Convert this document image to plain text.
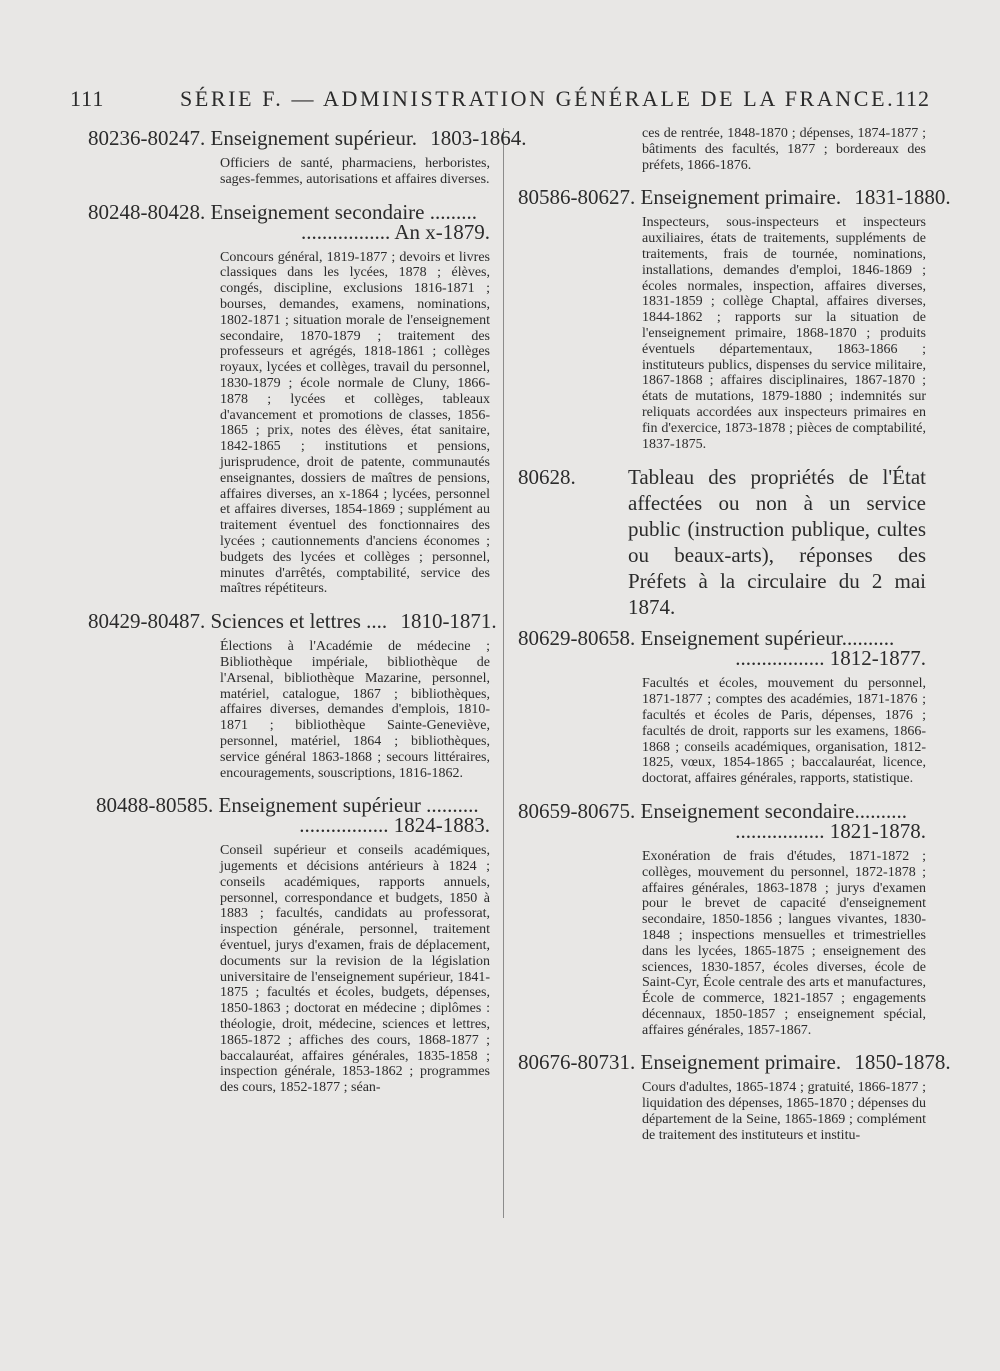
111	SÉRIE F. — ADMINISTRATION GÉNÉRALE DE LA FRANCE. 112

80236-80247. Enseignement supérieur. 1803-1864.

Officiers de santé, pharmaciens, herboristes, sages-femmes, autorisations et affaires diverses.

80248-80428. Enseignement secondaire .........

................. An x-1879.

Concours général, 1819-1877 ; devoirs et livres classiques dans les lycées, 1878 ; élèves, congés, discipline, exclusions 1816-1871 ; bourses, demandes, examens, nominations, 1802-1871 ; situation morale de l'enseignement secondaire, 1870-1879 ; traitement des professeurs et agrégés, 1818-1861 ; collèges royaux, lycées et collèges, travail du personnel, 1830-1879 ; école normale de Cluny, 1866-1878 ; lycées et collèges, tableaux d'avancement et promotions de classes, 1856-1865 ; prix, notes des élèves, état sanitaire, 1842-1865 ; institutions et pensions, jurisprudence, droit de patente, communautés enseignantes, dossiers de maîtres de pensions, affaires diverses, an x-1864 ; lycées, personnel et affaires diverses, 1854-1869 ; supplément au traitement éventuel des fonctionnaires des lycées ; cautionnements d'anciens économes ; budgets des lycées et collèges ; personnel, minutes d'arrêtés, comptabilité, service des maîtres répétiteurs.

80429-80487. Sciences et lettres .... 1810-1871.

Élections à l'Académie de médecine ; Bibliothèque impériale, bibliothèque de l'Arsenal, bibliothèque Mazarine, personnel, matériel, catalogue, 1867 ; bibliothèques, affaires diverses, demandes d'emplois, 1810-1871 ; bibliothèque Sainte-Geneviève, personnel, matériel, 1864 ; bibliothèques, service général 1863-1868 ; secours littéraires, encouragements, souscriptions, 1816-1862.

80488-80585. Enseignement supérieur ..........

................. 1824-1883.

Conseil supérieur et conseils académiques, jugements et décisions antérieurs à 1824 ; conseils académiques, rapports annuels, personnel, correspondance et budgets, 1850 à 1883 ; facultés, candidats au professorat, inspection générale, personnel, traitement éventuel, jurys d'examen, frais de déplacement, documents sur la revision de la législation universitaire de l'enseignement supérieur, 1841-1875 ; facultés et écoles, budgets, dépenses, 1850-1863 ; doctorat en médecine ; diplômes : théologie, droit, médecine, sciences et lettres, 1865-1872 ; affiches des cours, 1868-1877 ; baccalauréat, affaires générales, 1835-1858 ; inspection générale, 1853-1862 ; programmes des cours, 1852-1877 ; séan-

ces de rentrée, 1848-1870 ; dépenses, 1874-1877 ; bâtiments des facultés, 1877 ; bordereaux des préfets, 1866-1876.

80586-80627. Enseignement primaire. 1831-1880.

Inspecteurs, sous-inspecteurs et inspecteurs auxiliaires, états de traitements, suppléments de traitements, frais de tournée, nominations, installations, demandes d'emploi, 1846-1869 ; écoles normales, inspection, affaires diverses, 1831-1859 ; collège Chaptal, affaires diverses, 1844-1862 ; rapports sur la situation de l'enseignement primaire, 1868-1870 ; produits éventuels départementaux, 1863-1866 ; instituteurs publics, dispenses du service militaire, 1867-1868 ; affaires disciplinaires, 1867-1870 ; états de mutations, 1879-1880 ; indemnités sur reliquats accordées aux inspecteurs primaires en fin d'exercice, 1873-1878 ; pièces de comptabilité, 1837-1875.

80628.	Tableau des propriétés de l'État affectées ou non à un service public (instruction publique, cultes ou beaux-arts), réponses des Préfets à la circulaire du 2 mai 1874.

80629-80658. Enseignement supérieur..........

................. 1812-1877.

Facultés et écoles, mouvement du personnel, 1871-1877 ; comptes des académies, 1871-1876 ; facultés et écoles de Paris, dépenses, 1876 ; facultés de droit, rapports sur les examens, 1866-1868 ; conseils académiques, organisation, 1812-1825, vœux, 1854-1865 ; baccalauréat, licence, doctorat, affaires générales, rapports, statistique.

80659-80675. Enseignement secondaire..........

................. 1821-1878.

Exonération de frais d'études, 1871-1872 ; collèges, mouvement du personnel, 1872-1878 ; affaires générales, 1863-1878 ; jurys d'examen pour le brevet de capacité d'enseignement secondaire, 1850-1856 ; langues vivantes, 1830-1848 ; inspections mensuelles et trimestrielles dans les lycées, 1865-1875 ; enseignement des sciences, 1830-1857, écoles diverses, école de Saint-Cyr, École centrale des arts et manufactures, École de commerce, 1821-1857 ; engagements décennaux, 1850-1857 ; enseignement spécial, affaires générales, 1857-1867.

80676-80731. Enseignement primaire. 1850-1878.

Cours d'adultes, 1865-1874 ; gratuité, 1866-1877 ; liquidation des dépenses, 1865-1870 ; dépenses du département de la Seine, 1865-1869 ; complément de traitement des instituteurs et institu-
